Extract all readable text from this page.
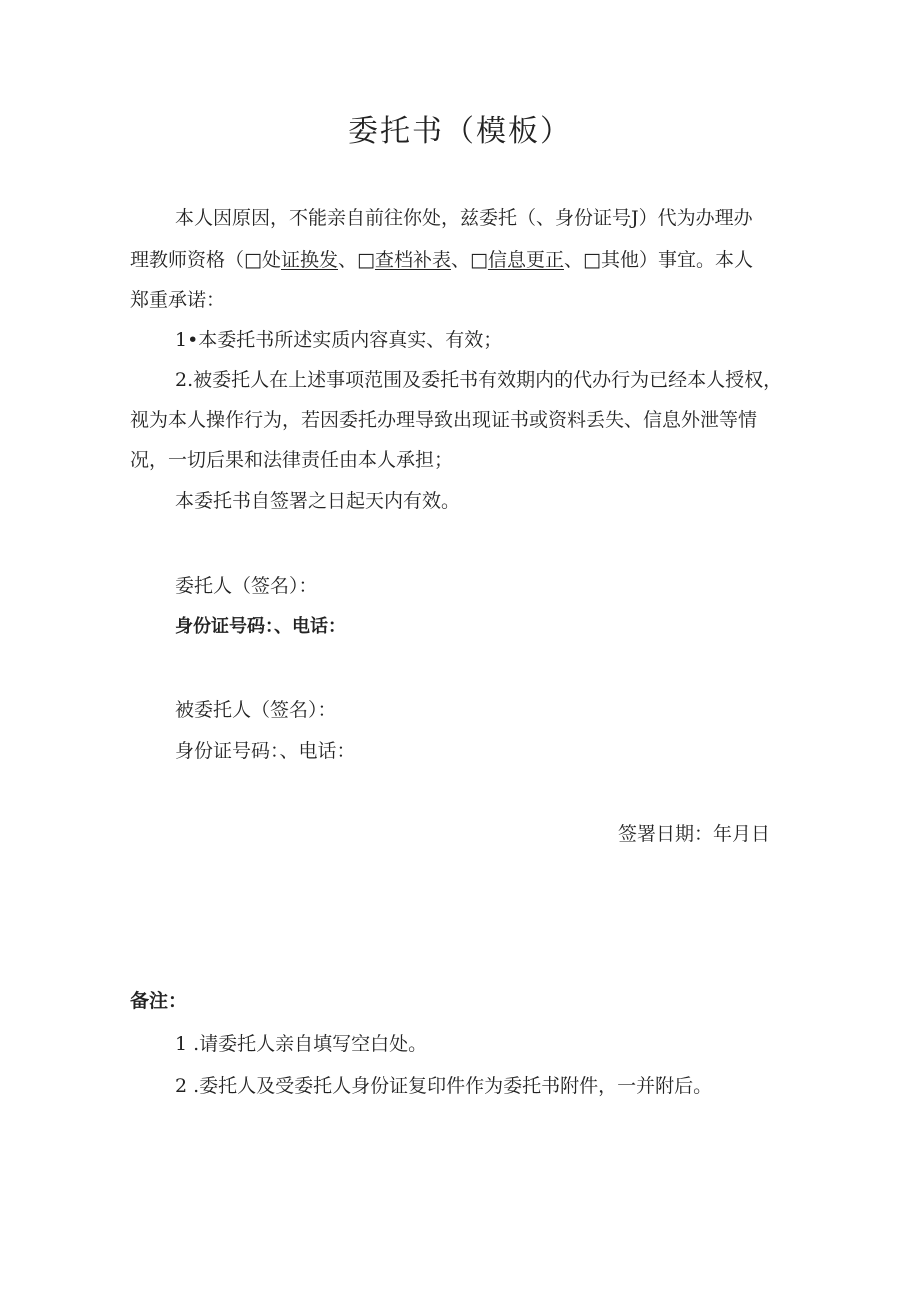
委托书（模板）
本人因原因，不能亲自前往你处，兹委托（、身份证号J）代为办理办
理教师资格（□处证换发、□查档补表、□信息更正、□其他）事宜。本人
郑重承诺：
1•本委托书所述实质内容真实、有效；
2.被委托人在上述事项范围及委托书有效期内的代办行为已经本人授权，
视为本人操作行为，若因委托办理导致出现证书或资料丢失、信息外泄等情
况，一切后果和法律责任由本人承担；
本委托书自签署之日起天内有效。
委托人（签名）：
身份证号码：、电话：
被委托人（签名）：
身份证号码：、电话：
签署日期：年月日
备注：
1 .请委托人亲自填写空白处。
2 .委托人及受委托人身份证复印件作为委托书附件，一并附后。
